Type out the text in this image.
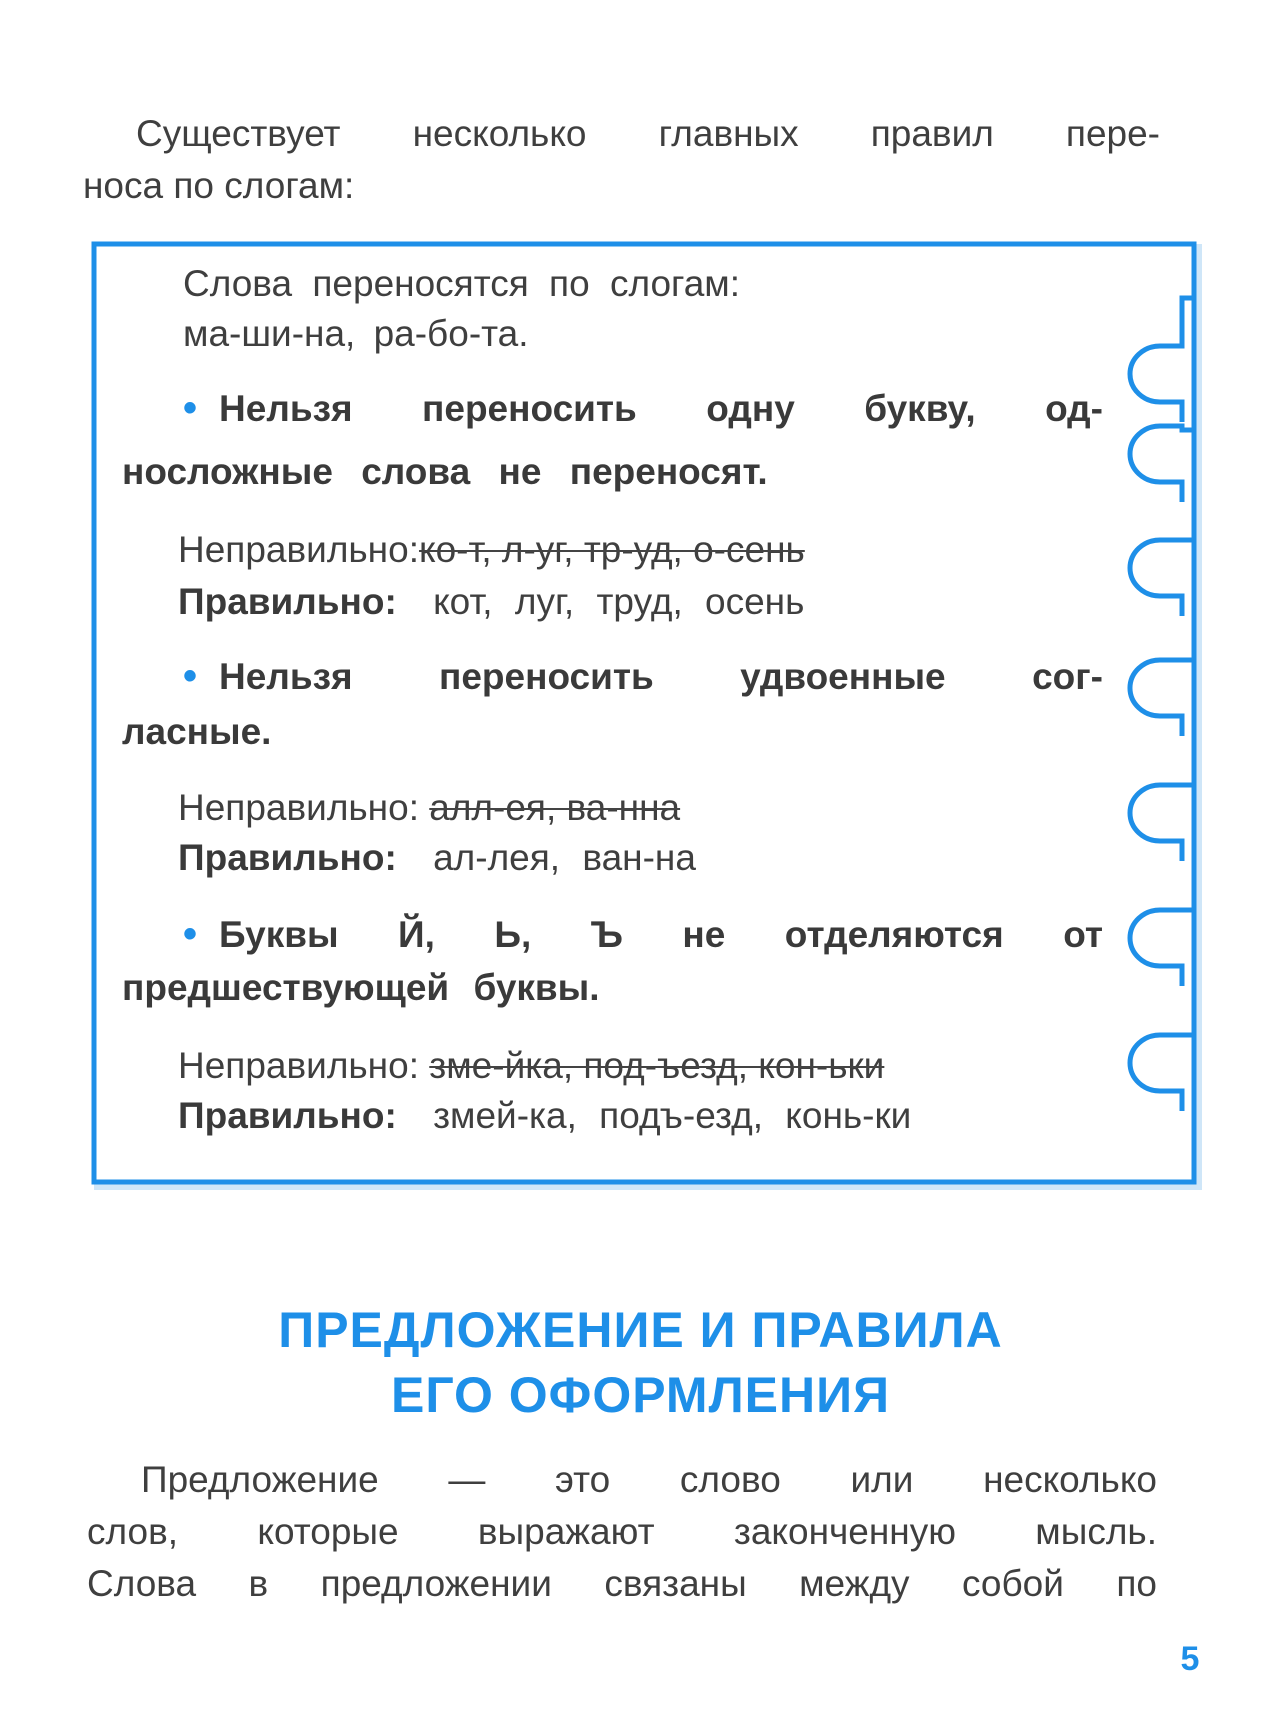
Существует несколько главных правил пере-
носа по слогам:
Слова переносятся по слогам:
ма-ши-на, ра-бо-та.
• Нельзя переносить одну букву, од-
носложные слова не переносят.
Неправильно:ко-т, л-уг, тр-уд, о-сень
Правильно: кот, луг, труд, осень
• Нельзя переносить удвоенные сог-
ласные.
Неправильно: алл-ея, ва-нна
Правильно: ал-лея, ван-на
• Буквы Й, Ь, Ъ не отделяются от
предшествующей буквы.
Неправильно: зме-йка, под-ъезд, кон-ьки
Правильно: змей-ка, подъ-езд, конь-ки
ПРЕДЛОЖЕНИЕ И ПРАВИЛА
ЕГО ОФОРМЛЕНИЯ
Предложение — это слово или несколько
слов, которые выражают законченную мысль.
Слова в предложении связаны между собой по
5
